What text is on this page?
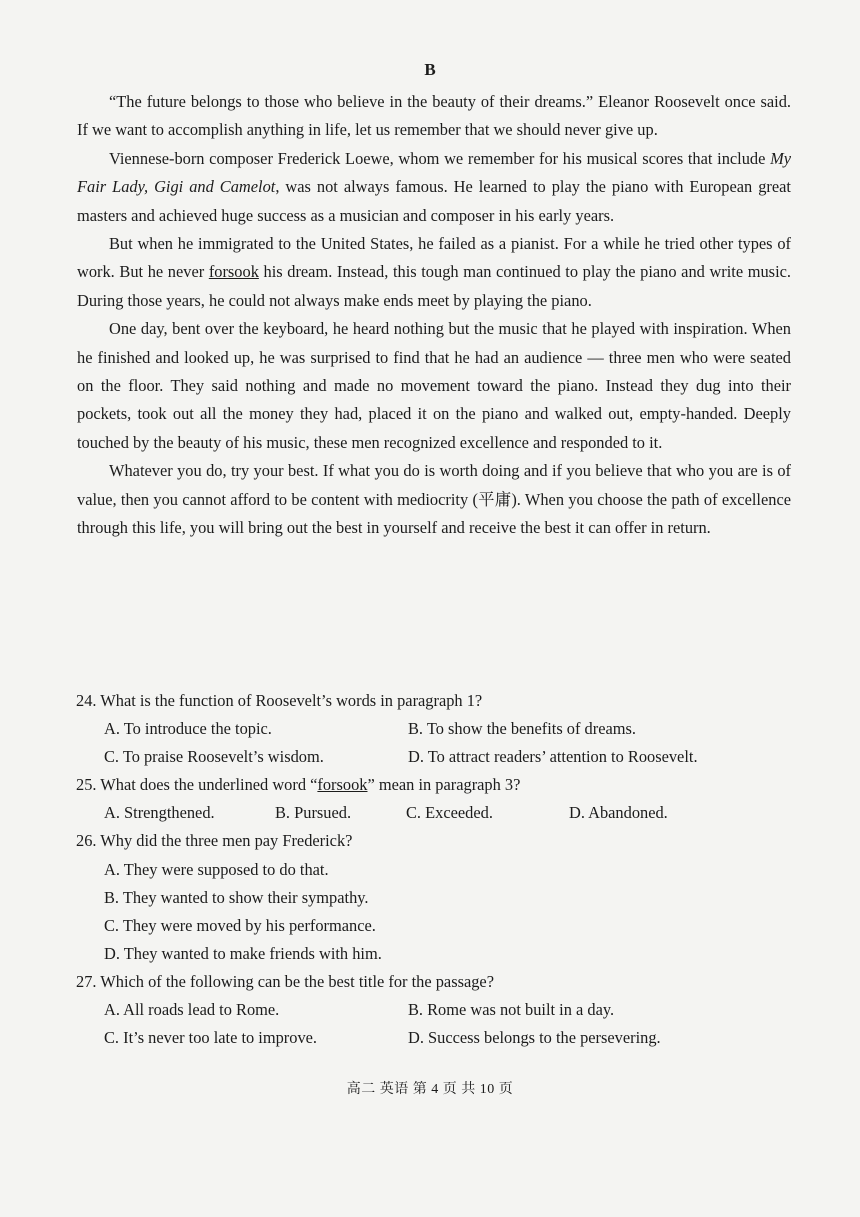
B

“The future belongs to those who believe in the beauty of their dreams.” Eleanor Roosevelt once said. If we want to accomplish anything in life, let us remember that we should never give up.

Viennese-born composer Frederick Loewe, whom we remember for his musical scores that include My Fair Lady, Gigi and Camelot, was not always famous. He learned to play the piano with European great masters and achieved huge success as a musician and composer in his early years.

But when he immigrated to the United States, he failed as a pianist. For a while he tried other types of work. But he never forsook his dream. Instead, this tough man continued to play the piano and write music. During those years, he could not always make ends meet by playing the piano.

One day, bent over the keyboard, he heard nothing but the music that he played with inspiration. When he finished and looked up, he was surprised to find that he had an audience — three men who were seated on the floor. They said nothing and made no movement toward the piano. Instead they dug into their pockets, took out all the money they had, placed it on the piano and walked out, empty-handed. Deeply touched by the beauty of his music, these men recognized excellence and responded to it.

Whatever you do, try your best. If what you do is worth doing and if you believe that who you are is of value, then you cannot afford to be content with mediocrity (平庸). When you choose the path of excellence through this life, you will bring out the best in yourself and receive the best it can offer in return.

24. What is the function of Roosevelt’s words in paragraph 1?
A. To introduce the topic.	B. To show the benefits of dreams.
C. To praise Roosevelt’s wisdom.	D. To attract readers’ attention to Roosevelt.
25. What does the underlined word “forsook” mean in paragraph 3?
A. Strengthened.	B. Pursued.	C. Exceeded.	D. Abandoned.
26. Why did the three men pay Frederick?
A. They were supposed to do that.
B. They wanted to show their sympathy.
C. They were moved by his performance.
D. They wanted to make friends with him.
27. Which of the following can be the best title for the passage?
A. All roads lead to Rome.	B. Rome was not built in a day.
C. It’s never too late to improve.	D. Success belongs to the persevering.
高二 英语 第 4 页 共 10 页
